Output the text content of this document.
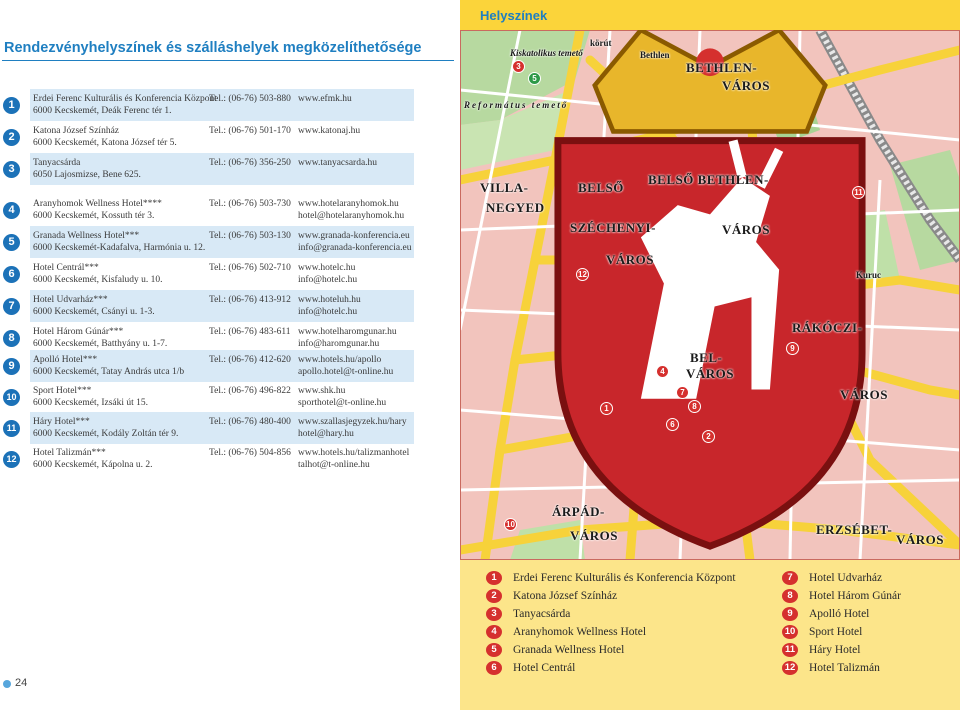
Rendezvényhelyszínek és szálláshelyek megközelíthetősége
1	Erdei Ferenc Kulturális és Konferencia Központ
6000 Kecskemét, Deák Ferenc tér 1.
Tel.: (06-76) 503-880 www.efmk.hu
2	Katona József Színház
6000 Kecskemét, Katona József tér 5.
Tel.: (06-76) 501-170 www.katonaj.hu
3	Tanyacsárda
6050 Lajosmizse, Bene 625.
Tel.: (06-76) 356-250 www.tanyacsarda.hu
4	Aranyhomok Wellness Hotel****
6000 Kecskemét, Kossuth tér 3.
Tel.: (06-76) 503-730 www.hotelaranyhomok.hu
hotel@hotelaranyhomok.hu
5	Granada Wellness Hotel***
6000 Kecskemét-Kadafalva, Harmónia u. 12.
Tel.: (06-76) 503-130 www.granada-konferencia.eu
info@granada-konferencia.eu
6	Hotel Centrál***
6000 Kecskemét, Kisfaludy u. 10.
Tel.: (06-76) 502-710 www.hotelc.hu
info@hotelc.hu
7	Hotel Udvarház***
6000 Kecskemét, Csányi u. 1-3.
Tel.: (06-76) 413-912 www.hoteluh.hu
info@hotelc.hu
8	Hotel Három Gúnár***
6000 Kecskemét, Batthyány u. 1-7.
Tel.: (06-76) 483-611 www.hotelharomgunar.hu
info@haromgunar.hu
9	Apolló Hotel***
6000 Kecskemét, Tatay András utca 1/b
Tel.: (06-76) 412-620 www.hotels.hu/apollo
apollo.hotel@t-online.hu
10
Sport Hotel***
6000 Kecskemét, Izsáki út 15.
Tel.: (06-76) 496-822 www.shk.hu
sporthotel@t-online.hu
11
Háry Hotel***
6000 Kecskemét, Kodály Zoltán tér 9.
Tel.: (06-76) 480-400 www.szallasjegyzek.hu/hary
hotel@hary.hu
12
Hotel Talizmán***
6000 Kecskemét, Kápolna u. 2.
Tel.: (06-76) 504-856 www.hotels.hu/talizmanhotel
talhot@t-online.hu
24
Helyszínek
BETHLEN-
VÁROS
BELSŐ BETHLEN-
VILLA-	BELSŐ
NEGYED
SZÉCHENYI-
VÁROS
VÁROS
RÁKÓCZI-
VÁROS
BEL-
VÁROS
ÁRPÁD-
VÁROS	ERZSÉBET-
VÁROS
Református temető
Kiskatolikus temető	Bethlen
körút
Kuruc
3
5
11
12
9
4
1
6
2
7
8
10
1	Erdei Ferenc Kulturális és Konferencia Központ
2	Katona József Színház
3	Tanyacsárda
4	Aranyhomok Wellness Hotel
5	Granada Wellness Hotel
6	Hotel Centrál
7	Hotel Udvarház
8	Hotel Három Gúnár
9	Apolló Hotel
10 Sport Hotel
11 Háry Hotel
12 Hotel Talizmán
